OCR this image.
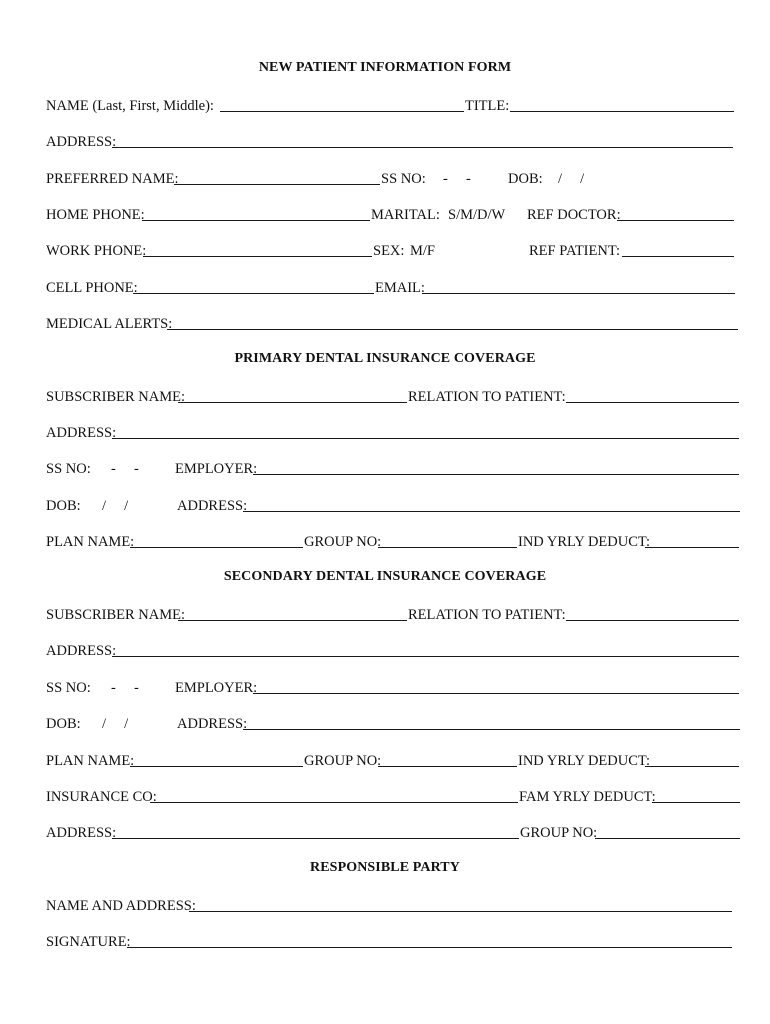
NEW PATIENT INFORMATION FORM
NAME (Last, First, Middle):	TITLE:
ADDRESS:
PREFERRED NAME:	SS NO: -     -	DOB: /     /
HOME PHONE:	MARITAL: S/M/D/W REF DOCTOR:
WORK PHONE:	SEX: M/F	REF PATIENT:
CELL PHONE:	EMAIL:
MEDICAL ALERTS:
PRIMARY DENTAL INSURANCE COVERAGE
SUBSCRIBER NAME:	RELATION TO PATIENT:
ADDRESS:
SS NO: -     - EMPLOYER:
DOB: /     /	ADDRESS:
PLAN NAME:	GROUP NO:	IND YRLY DEDUCT:
SECONDARY DENTAL INSURANCE COVERAGE
SUBSCRIBER NAME:	RELATION TO PATIENT:
ADDRESS:
SS NO: -     - EMPLOYER:
DOB: /     /	ADDRESS:
PLAN NAME:	GROUP NO:	IND YRLY DEDUCT:
INSURANCE CO:	FAM YRLY DEDUCT:
ADDRESS:	GROUP NO:
RESPONSIBLE PARTY
NAME AND ADDRESS:
SIGNATURE:
